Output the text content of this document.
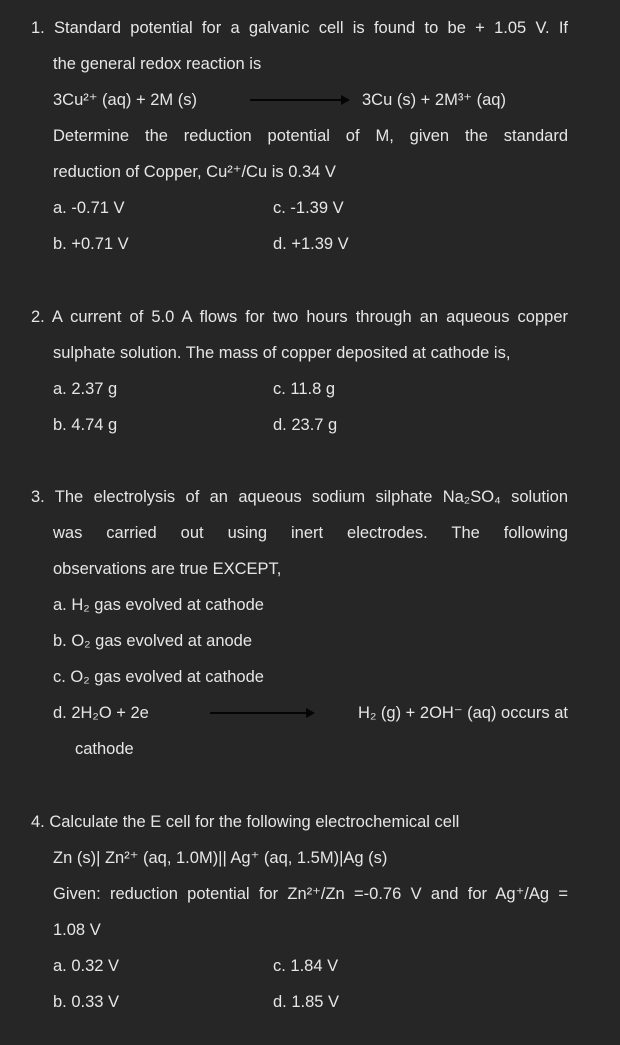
1. Standard potential for a galvanic cell is found to be + 1.05 V. If
the general redox reaction is
3Cu²⁺ (aq) + 2M (s)	3Cu (s) + 2M³⁺ (aq)
Determine the reduction potential of M, given the standard
reduction of Copper, Cu²⁺/Cu is 0.34 V
a. -0.71 V	c. -1.39 V
b. +0.71 V	d. +1.39 V
2. A current of 5.0 A flows for two hours through an aqueous copper
sulphate solution. The mass of copper deposited at cathode is,
a. 2.37 g	c. 11.8 g
b. 4.74 g	d. 23.7 g
3. The electrolysis of an aqueous sodium silphate Na₂SO₄ solution
was carried out using inert electrodes. The following
observations are true EXCEPT,
a. H₂ gas evolved at cathode
b. O₂ gas evolved at anode
c. O₂ gas evolved at cathode
d. 2H₂O + 2e	H₂ (g) + 2OH⁻ (aq) occurs at
cathode
4. Calculate the E cell for the following electrochemical cell
Zn (s)| Zn²⁺ (aq, 1.0M)|| Ag⁺ (aq, 1.5M)|Ag (s)
Given: reduction potential for Zn²⁺/Zn =-0.76 V and for Ag⁺/Ag =
1.08 V
a. 0.32 V	c. 1.84 V
b. 0.33 V	d. 1.85 V
